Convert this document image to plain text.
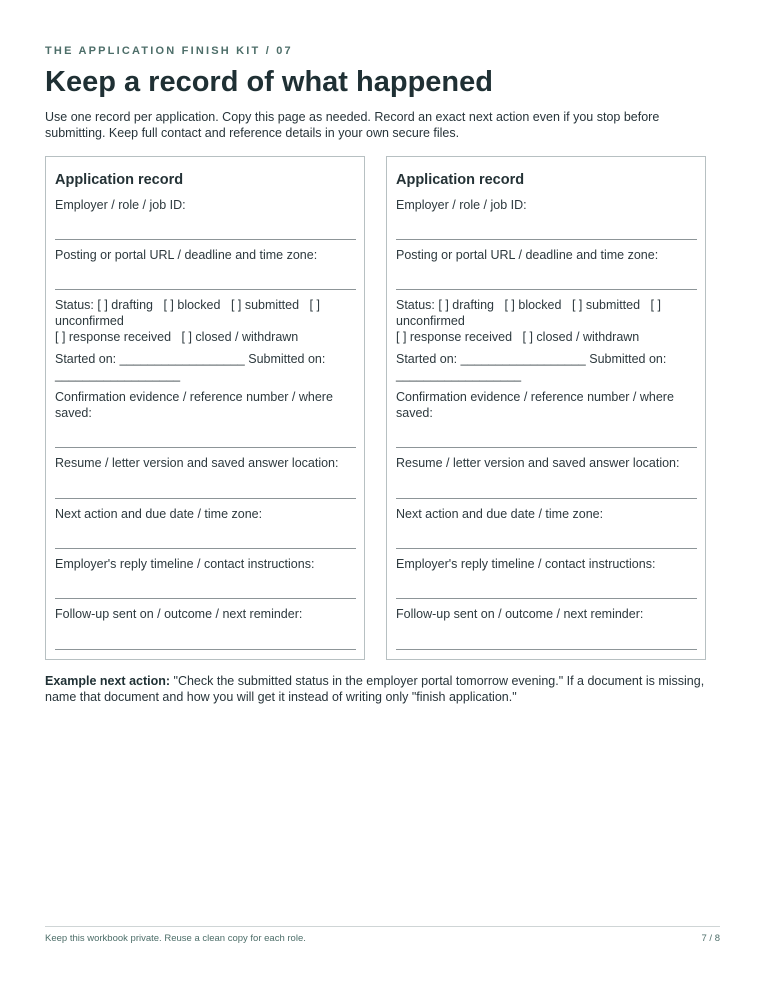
THE APPLICATION FINISH KIT / 07
Keep a record of what happened

Use one record per application. Copy this page as needed. Record an exact next action even if you stop before submitting. Keep full contact and reference details in your own secure files.

Application record
Employer / role / job ID:
Posting or portal URL / deadline and time zone:
Status: [ ] drafting [ ] blocked [ ] submitted [ ] unconfirmed
[ ] response received [ ] closed / withdrawn
Started on: __________________ Submitted on: __________________
Confirmation evidence / reference number / where saved:
Resume / letter version and saved answer location:
Next action and due date / time zone:
Employer's reply timeline / contact instructions:
Follow-up sent on / outcome / next reminder:
Application record
Employer / role / job ID:
Posting or portal URL / deadline and time zone:
Status: [ ] drafting [ ] blocked [ ] submitted [ ] unconfirmed
[ ] response received [ ] closed / withdrawn
Started on: __________________ Submitted on: __________________
Confirmation evidence / reference number / where saved:
Resume / letter version and saved answer location:
Next action and due date / time zone:
Employer's reply timeline / contact instructions:
Follow-up sent on / outcome / next reminder:

Example next action: "Check the submitted status in the employer portal tomorrow evening." If a document is missing, name that document and how you will get it instead of writing only "finish application."

Keep this workbook private. Reuse a clean copy for each role.	7 / 8
